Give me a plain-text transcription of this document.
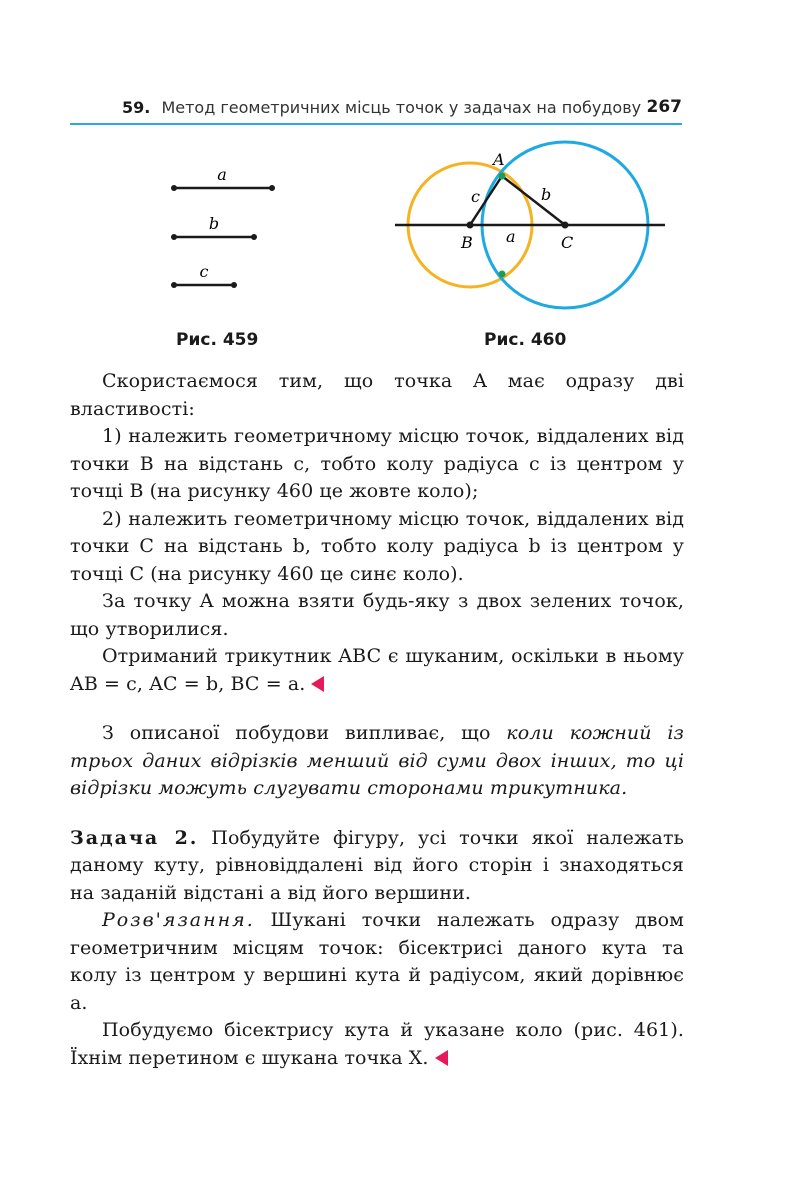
59. Метод геометричних місць точок у задачах на побудову 267
a
b
c
Рис. 459
A
B	C
c	b
a
Рис. 460

Скористаємося тим, що точка A має одразу дві властивості:

1) належить геометричному місцю точок, віддалених від точки B на відстань c, тобто колу радіуса c із центром у точці B (на рисунку 460 це жовте коло);

2) належить геометричному місцю точок, віддалених від точки C на відстань b, тобто колу радіуса b із центром у точці C (на рисунку 460 це синє коло).

За точку A можна взяти будь-яку з двох зелених точок, що утворилися.

Отриманий трикутник ABC є шуканим, оскільки в ньому AB = c, AC = b, BC = a.

З описаної побудови випливає, що коли кожний із трьох даних відрізків менший від суми двох інших, то ці відрізки можуть слугувати сторонами трикутника.

Задача 2. Побудуйте фігуру, усі точки якої належать даному куту, рівновіддалені від його сторін і знаходяться на заданій відстані a від його вершини.

Розв'язання. Шукані точки належать одразу двом геометричним місцям точок: бісектрисі даного кута та колу із центром у вершині кута й радіусом, який дорівнює a.

Побудуємо бісектрису кута й указане коло (рис. 461). Їхнім перетином є шукана точка X.
